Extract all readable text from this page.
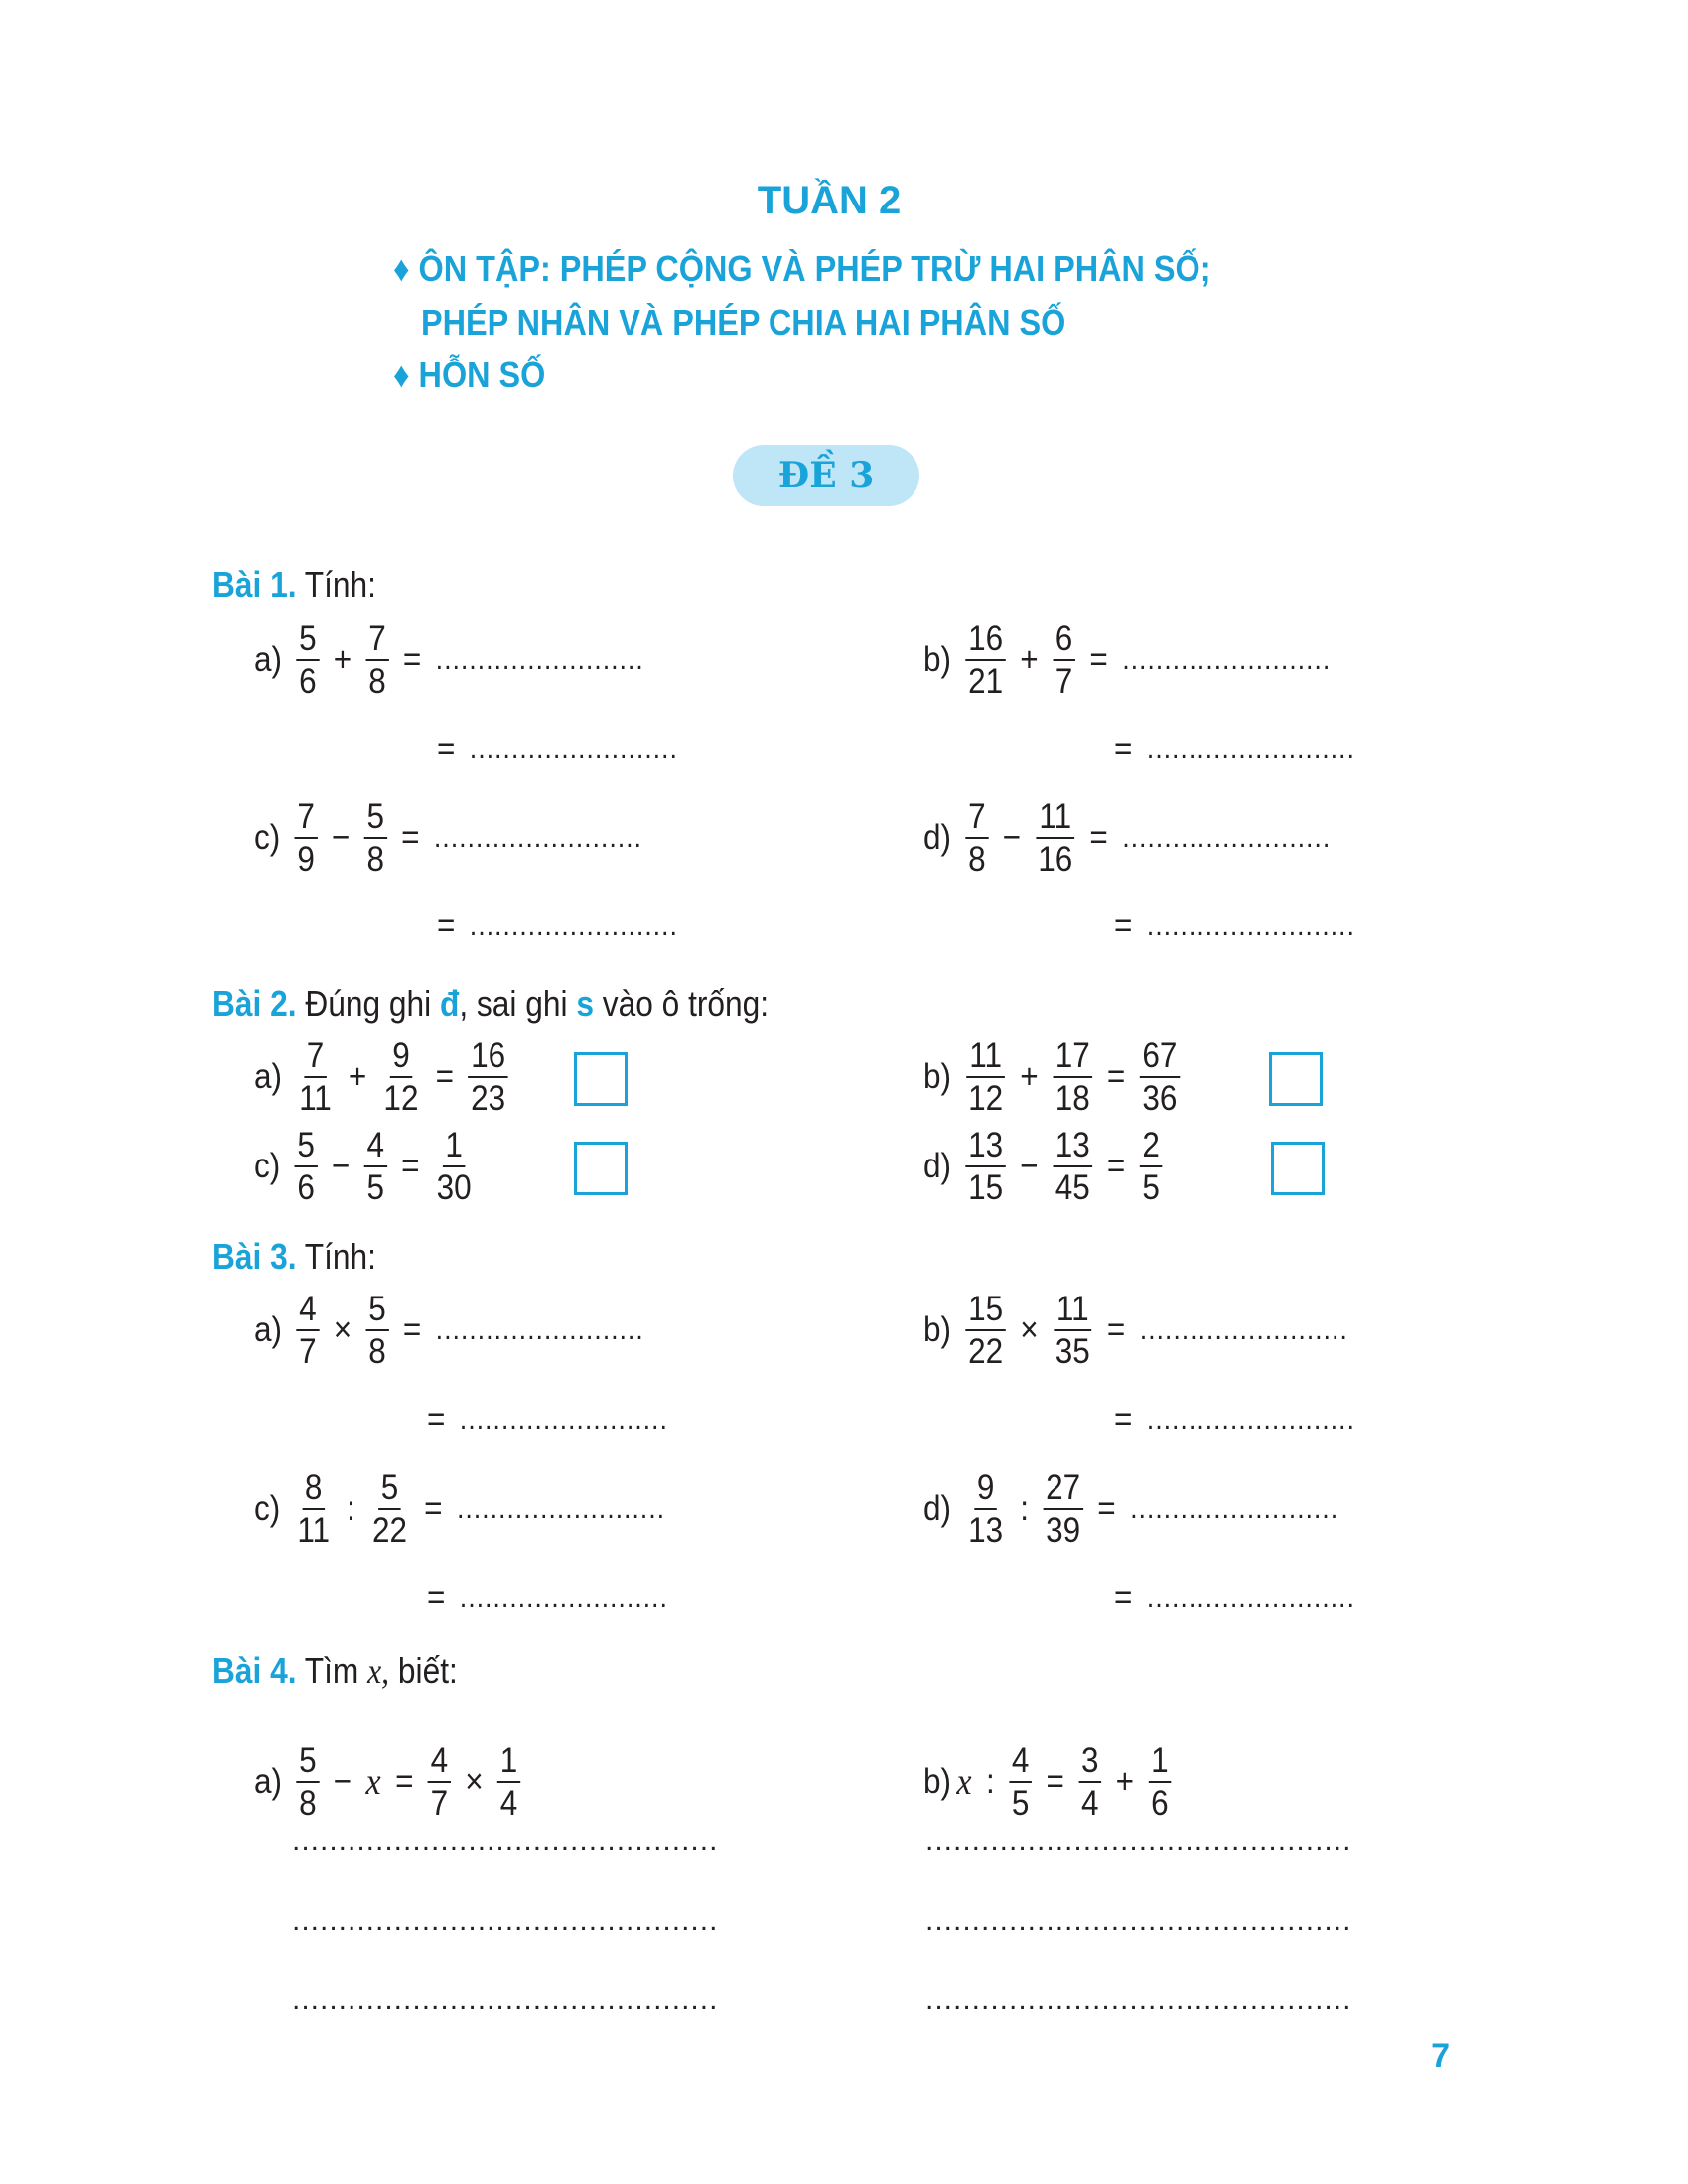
TUẦN 2
♦ ÔN TẬP: PHÉP CỘNG VÀ PHÉP TRỪ HAI PHÂN SỐ;
PHÉP NHÂN VÀ PHÉP CHIA HAI PHÂN SỐ
♦ HỖN SỐ
ĐỀ 3
Bài 1. Tính:
$a) \frac{5}{6} + \frac{7}{8}$ = .........................
= .........................
$b) \frac{16}{21} + \frac{6}{7}$ = .........................
= .........................
$c) \frac{7}{9} - \frac{5}{8}$ = .........................
= .........................
$d) \frac{7}{8} - \frac{11}{16}$ = .........................
= .........................
Bài 2. Đúng ghi đ, sai ghi s vào ô trống:
$a) \frac{7}{11} + \frac{9}{12} = \frac{16}{23}$	$b) \frac{11}{12} + \frac{17}{18} = \frac{67}{36}$
$c) \frac{5}{6} - \frac{4}{5} = \frac{1}{30}$	$d) \frac{13}{15} - \frac{13}{45} = \frac{2}{5}$
Bài 3. Tính:
$a) \frac{4}{7} \times \frac{5}{8}$ = .........................
= .........................
$b) \frac{15}{22} \times \frac{11}{35}$ = .........................
= .........................
$c) \frac{8}{11}$ : $\frac{5}{22}$ = .........................
= .........................
$d) \frac{9}{13}$ : $\frac{27}{39}$ = .........................
= .........................
Bài 4. Tìm x, biết:
$a) \frac{5}{8} - x = \frac{4}{7} \times \frac{1}{4}$	b) x : $\frac{4}{5} = \frac{3}{4} + \frac{1}{6}$
..............................................
..............................................
..............................................
..............................................
..............................................
..............................................
7
